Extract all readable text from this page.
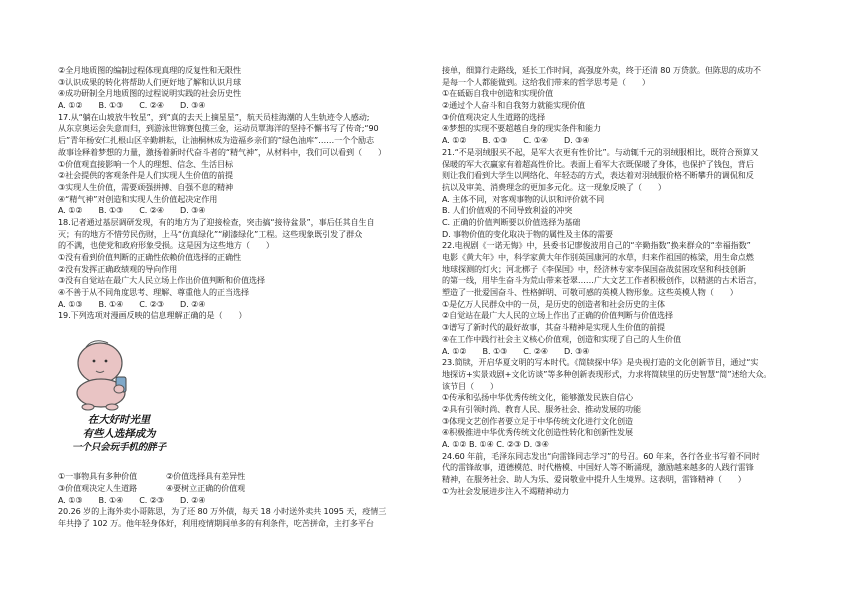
②全月地质图的编制过程体现真理的反复性和无限性
③认识成果的转化将帮助人们更好地了解和认识月球
④成功研制全月地质图的过程说明实践的社会历史性
A. ①②　　B. ①③　　C. ②④　　D. ③④
17.从“躺在山坡放牛牧星”，到“真的去天上摘星星”，航天员桂海潮的人生轨迹令人感动;
从东京奥运会失意而归，到游泳世锦赛包揽三金，运动员覃海洋的坚持不懈书写了传奇;“90
后”青年杨安仁扎根山区辛勤耕耘，让油桐林成为造福乡亲们的“绿色油库”……一个个励志
故事诠释着梦想的力量，激扬着新时代奋斗者的“精气神”，从材料中，我们可以看到（　　）
①价值观直接影响一个人的理想、信念、生活目标
②社会提供的客观条件是人们实现人生价值的前提
③实现人生价值，需要顽强拼搏、自强不息的精神
④“精气神”对创造和实现人生价值起决定作用
A. ①②　　B. ①③　　C. ②④　　D. ③④
18.记者通过基层调研发现，有的地方为了迎接检查，突击搞“接待盆景”，事后任其自生自
灭；有的地方不惜劳民伤财，上马“仿真绿化”“刷漆绿化”工程。这些现象既引发了群众
的不满，也使党和政府形象受损。这是因为这些地方（　　）
①没有看到价值判断的正确性依赖价值选择的正确性
②没有发挥正确政绩观的导向作用
③没有自觉站在最广大人民立场上作出价值判断和价值选择
④不善于从不同角度思考、理解、尊重他人的正当选择
A. ①③　　B. ①④　　C. ②③　　D. ②④
19.下列选项对漫画反映的信息理解正确的是（　　）
在大好时光里
有些人选择成为
一个只会玩手机的胖子
①一事物具有多种价值	②价值选择具有差异性
③价值观决定人生道路	④要树立正确的价值观
A. ①③　　B. ①④　　C. ②③　　D. ②④
20.26 岁的上海外卖小哥陈思，为了还 80 万外债，每天 18 小时送外卖共 1095 天，疫情三
年共挣了 102 万。他年轻身体好，利用疫情期间单多的有利条件，吃苦拼命，主打多平台
接单，细算行走路线，延长工作时间，高强度外卖，终于还清 80 万贷款。但陈思的成功不
是每一个人都能做到。这给我们带来的哲学思考是（　　）
①在砥砺自我中创造和实现价值
②通过个人奋斗和自我努力就能实现价值
③价值观决定人生道路的选择
④梦想的实现不要超越自身的现实条件和能力
A. ①②　　B. ①③　　C. ①④　　D. ③④
21.“不是羽绒服买不起，是军大衣更有性价比”。与动辄千元的羽绒服相比，既符合预算又
保暖的军大衣赢家有着超高性价比。表面上看军大衣既保暖了身体，也保护了钱包，背后
则让我们看到大学生以网络化、年轻态的方式，表达着对羽绒服价格不断攀升的调侃和反
抗以及审美、消费理念的更加多元化。这一现象反映了（　　）
A. 主体不同，对客观事物的认识和评价就不同
B. 人们价值观的不同导致利益的冲突
C. 正确的价值判断要以价值选择为基础
D. 事物价值的变化取决于物的属性及主体的需要
22.电视剧《一诺无悔》中，县委书记廖俊波用自己的“辛勤指数”换来群众的“幸福指数”
电影《黄大年》中，科学家黄大年作别英国康河的水草，归来作祖国的栋梁，用生命点燃
地球探测的灯火；河北梆子《李保国》中，经济林专家李保国奋战贫困攻坚和科技创新
的第一线，用毕生奋斗为荒山带来苍翠……广大文艺工作者积极创作，以精湛的古术语言，
塑造了一批爱国奋斗、性格鲜明、可敬可感的英模人物形象。这些英模人物（　　）
①是亿万人民群众中的一员，是历史的创造者和社会历史的主体
②自觉站在最广大人民的立场上作出了正确的价值判断与价值选择
③谱写了新时代的最好故事，其奋斗精神是实现人生价值的前提
④在工作中践行社会主义核心价值观，创造和实现了自己的人生价值
A. ①②　　B. ①③　　C. ②④　　D. ③④
23.简牍，开启华夏文明的写本时代。《简牍探中华》是央视打造的文化创新节目，通过“实
地探访+实景戏剧+文化访谈”等多种创新表现形式，力求将简牍里的历史智慧“简”述给大众。
该节目（　　）
①传承和弘扬中华优秀传统文化，能够激发民族自信心
②具有引领时尚、教育人民、服务社会、推动发展的功能
③体现文艺创作者要立足于中华传统文化进行文化创造
④积极推进中华优秀传统文化创造性转化和创新性发展
A. ①② B. ①④ C. ②③ D. ③④
24.60 年前，毛泽东同志发出“向雷锋同志学习”的号召。60 年来，各行各业书写着不同时
代的雷锋故事，道德模范、时代楷模、中国好人等不断涌现，激励越来越多的人践行雷锋
精神，在服务社会、助人为乐、爱岗敬业中提升人生境界。这表明，雷锋精神（　　）
①为社会发展进步注入不竭精神动力
